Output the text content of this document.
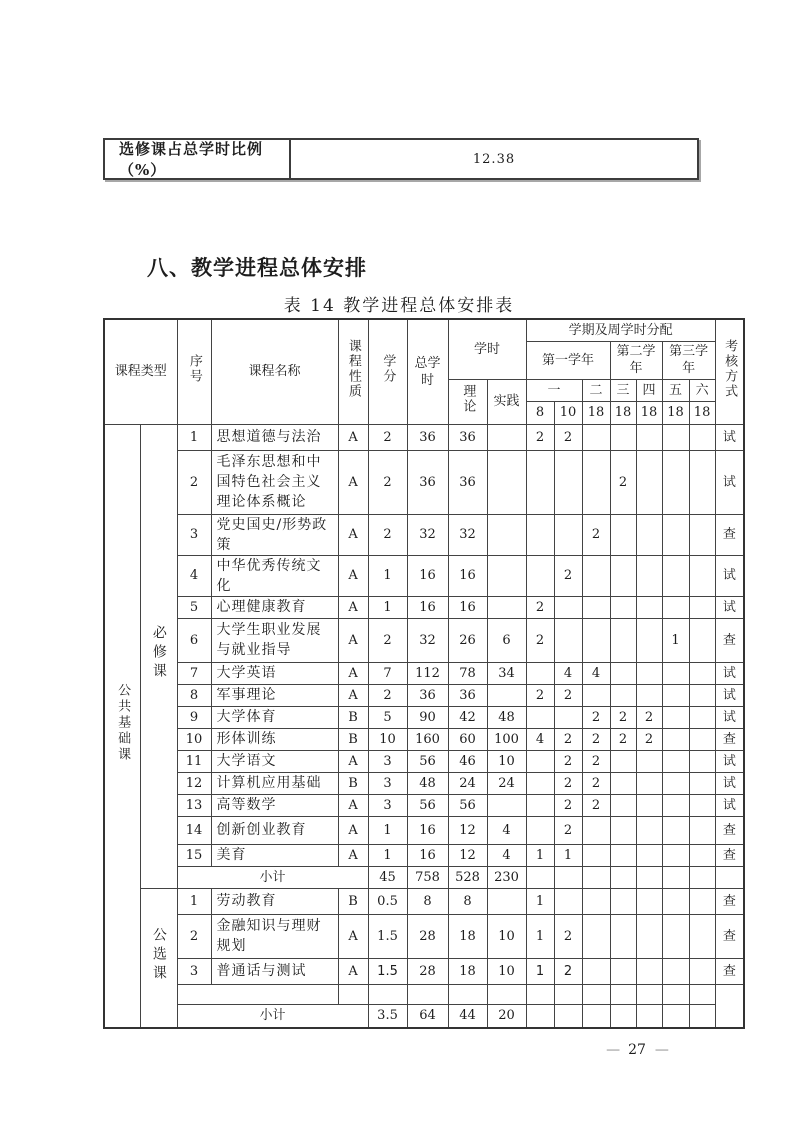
选修课占总学时比例（%）
12.38
八、教学进程总体安排
表 14 教学进程总体安排表
课程类型		序号	课程名称	课程性质	学分	总学时	学时		学期及周学时分配							考核方式
									第一学年			第二学年		第三学年		
							理论	实践	一		二	三	四	五	六	
									8	10	18	18	18	18	18	
公共基础课	必修课	1	思想道德与法治	A	2	36	36		2	2						试
		2	毛泽东思想和中国特色社会主义理论体系概论	A	2	36	36					2				试
		3	党史国史/形势政策	A	2	32	32				2					查
		4	中华优秀传统文化	A	1	16	16			2						试
		5	心理健康教育	A	1	16	16		2							试
		6	大学生职业发展与就业指导	A	2	32	26	6	2					1		查
		7	大学英语	A	7	112	78	34		4	4					试
		8	军事理论	A	2	36	36		2	2						试
		9	大学体育	B	5	90	42	48			2	2	2			试
		10	形体训练	B	10	160	60	100	4	2	2	2	2			查
		11	大学语文	A	3	56	46	10		2	2					试
		12	计算机应用基础	B	3	48	24	24		2	2					试
		13	高等数学	A	3	56	56			2	2					试
		14	创新创业教育	A	1	16	12	4		2						查
		15	美育	A	1	16	12	4	1	1						查
		小计			45	758	528	230								
	公选课	1	劳动教育	B	0.5	8	8		1							查
		2	金融知识与理财规划	A	1.5	28	18	10	1	2						查
		3	普通话与测试	A	1.5	28	18	10	1	2						查

		小计			3.5	64	44	20								
— 27 —
